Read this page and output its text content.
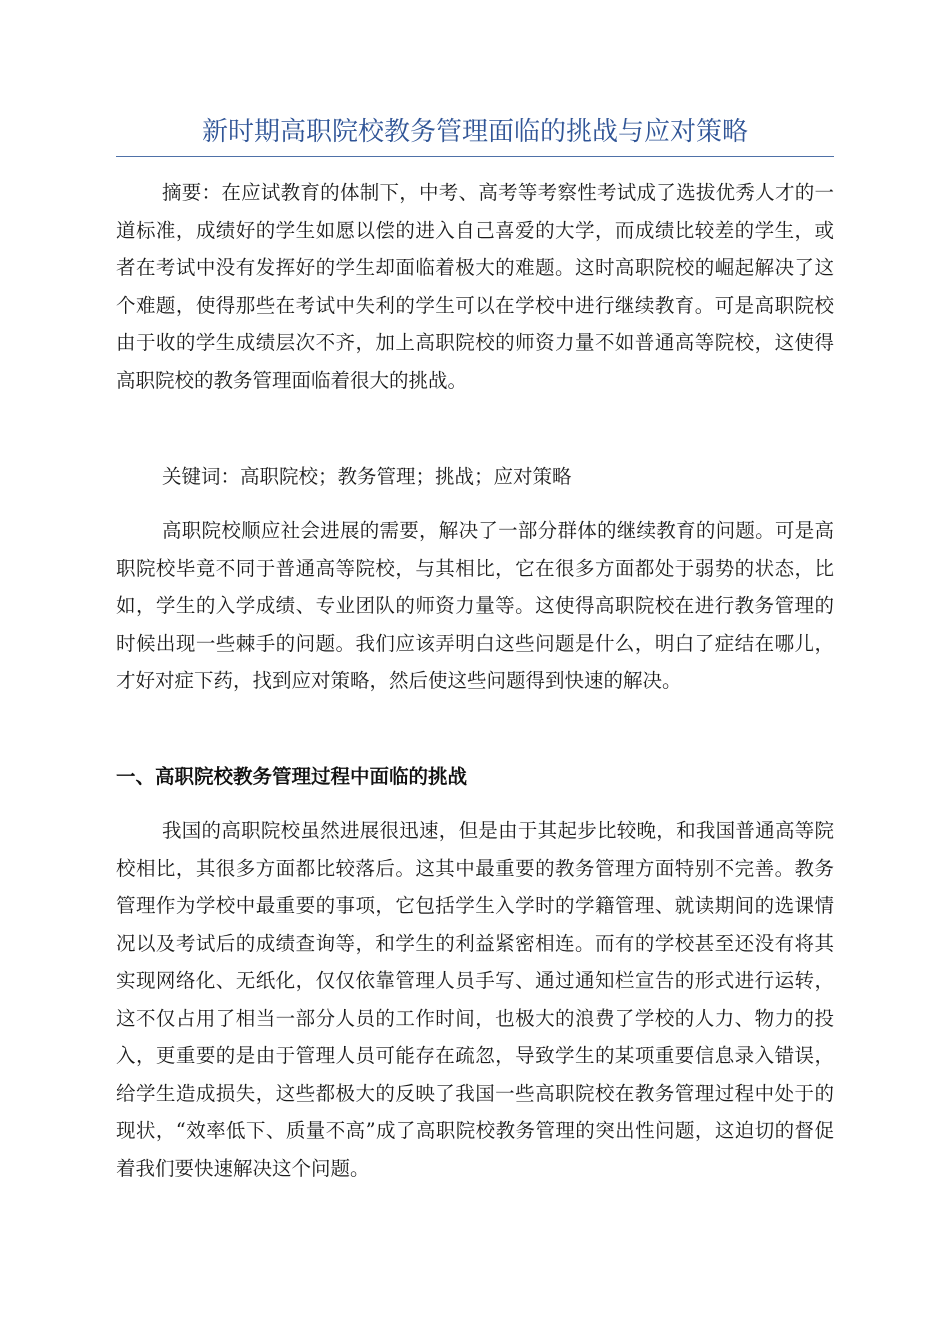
新时期高职院校教务管理面临的挑战与应对策略

摘要：在应试教育的体制下，中考、高考等考察性考试成了选拔优秀人才的一道标准，成绩好的学生如愿以偿的进入自己喜爱的大学，而成绩比较差的学生，或者在考试中没有发挥好的学生却面临着极大的难题。这时高职院校的崛起解决了这个难题，使得那些在考试中失利的学生可以在学校中进行继续教育。可是高职院校由于收的学生成绩层次不齐，加上高职院校的师资力量不如普通高等院校，这使得高职院校的教务管理面临着很大的挑战。

关键词：高职院校；教务管理；挑战；应对策略

高职院校顺应社会进展的需要，解决了一部分群体的继续教育的问题。可是高职院校毕竟不同于普通高等院校，与其相比，它在很多方面都处于弱势的状态，比如，学生的入学成绩、专业团队的师资力量等。这使得高职院校在进行教务管理的时候出现一些棘手的问题。我们应该弄明白这些问题是什么，明白了症结在哪儿，才好对症下药，找到应对策略，然后使这些问题得到快速的解决。

一、高职院校教务管理过程中面临的挑战

我国的高职院校虽然进展很迅速，但是由于其起步比较晚，和我国普通高等院校相比，其很多方面都比较落后。这其中最重要的教务管理方面特别不完善。教务管理作为学校中最重要的事项，它包括学生入学时的学籍管理、就读期间的选课情况以及考试后的成绩查询等，和学生的利益紧密相连。而有的学校甚至还没有将其实现网络化、无纸化，仅仅依靠管理人员手写、通过通知栏宣告的形式进行运转，这不仅占用了相当一部分人员的工作时间，也极大的浪费了学校的人力、物力的投入，更重要的是由于管理人员可能存在疏忽，导致学生的某项重要信息录入错误，给学生造成损失，这些都极大的反映了我国一些高职院校在教务管理过程中处于的现状，“效率低下、质量不高”成了高职院校教务管理的突出性问题，这迫切的督促着我们要快速解决这个问题。
